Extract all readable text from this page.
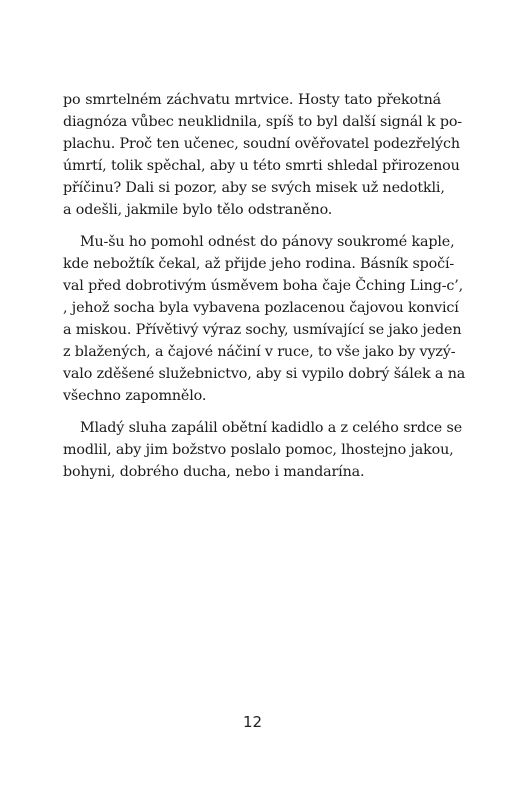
po smrtelném záchvatu mrtvice. Hosty tato překotná
diagnóza vůbec neuklidnila, spíš to byl další signál k po-
plachu. Proč ten učenec, soudní ověřovatel podezřelých
úmrtí, tolik spěchal, aby u této smrti shledal přirozenou
příčinu? Dali si pozor, aby se svých misek už nedotkli,
a odešli, jakmile bylo tělo odstraněno.

Mu-šu ho pomohl odnést do pánovy soukromé kaple,
kde nebožtík čekal, až přijde jeho rodina. Básník spočí-
val před dobrotivým úsměvem boha čaje Čching Ling-c’,
, jehož socha byla vybavena pozlacenou čajovou konvicí
a miskou. Přívětivý výraz sochy, usmívající se jako jeden
z blažených, a čajové náčiní v ruce, to vše jako by vyzý-
valo zděšené služebnictvo, aby si vypilo dobrý šálek a na
všechno zapomnělo.

Mladý sluha zapálil obětní kadidlo a z celého srdce se
modlil, aby jim božstvo poslalo pomoc, lhostejno jakou,
bohyni, dobrého ducha, nebo i mandarína.

12
